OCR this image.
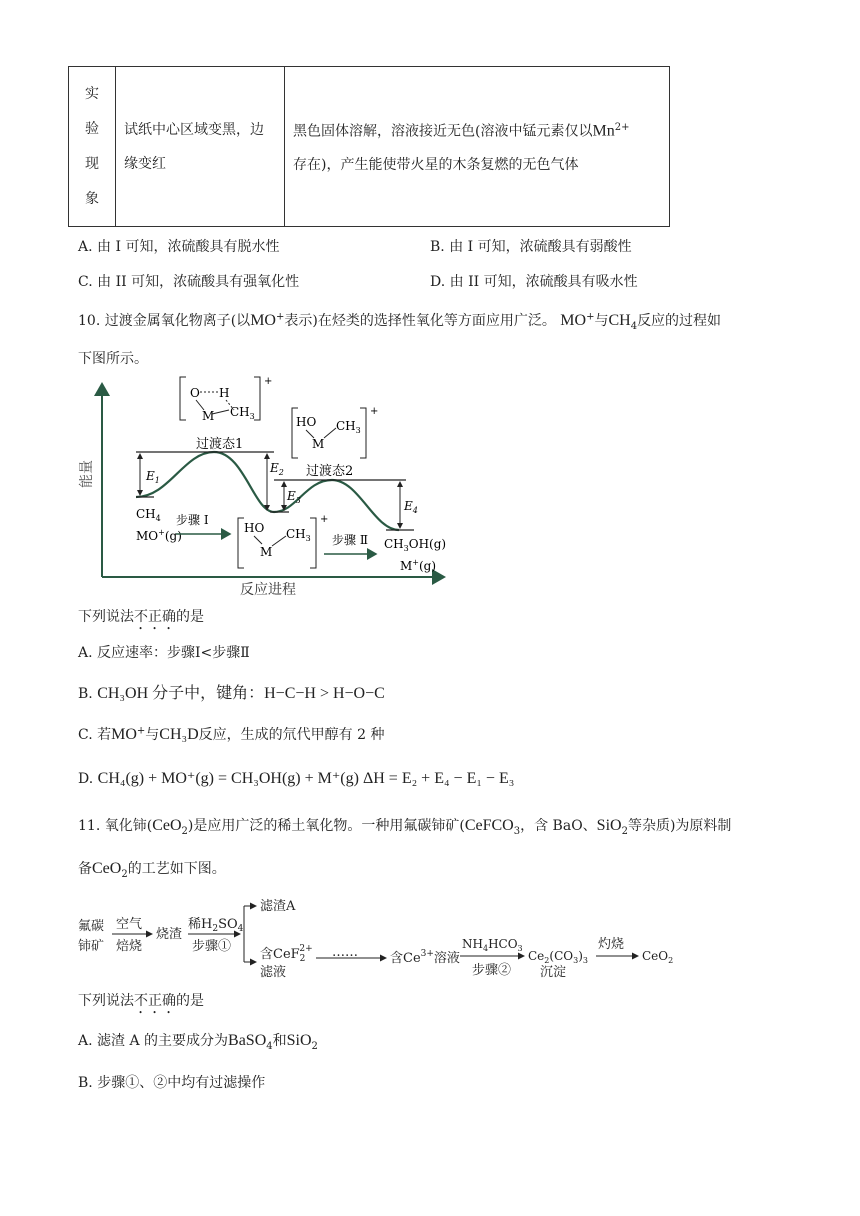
实
验
现
象

试纸中心区域变黑，边
缘变红

黑色固体溶解，溶液接近无色(溶液中锰元素仅以$Mn^{2+}$
存在)，产生能使带火星的木条复燃的无色气体
A. 由 I 可知，浓硫酸具有脱水性	B. 由 I 可知，浓硫酸具有弱酸性
C. 由 II 可知，浓硫酸具有强氧化性	D. 由 II 可知，浓硫酸具有吸水性
10. 过渡金属氧化物离子(以MO+表示)在烃类的选择性氧化等方面应用广泛。 MO+与$CH_4$反应的过程如
下图所示。
能量
反应进程
$E_1$
$E_2$
$E_3$	$E_4$
过渡态1
过渡态2
+
O H
M $CH_3$	+
HO
M
$CH_3$
+
HO
M
$CH_3$
$CH_4$
MO+(g)
步骤 Ⅰ
步骤 Ⅱ $CH_3OH(g)$
M+(g)
下列说法不正确的是
A. 反应速率：步骤Ⅰ<步骤Ⅱ
B. CH₃OH 分子中，键角：H−C−H > H−O−C
C. 若MO+与CH₃D反应，生成的氘代甲醇有 2 种
D. CH₄(g) + MO⁺(g) = CH₃OH(g) + M⁺(g) ΔH = E₂ + E₄ − E₁ − E₃
11. 氧化铈(CeO$_2$)是应用广泛的稀土氧化物。一种用氟碳铈矿(CeFCO$_3$，含 BaO、SiO$_2$等杂质)为原料制
备CeO$_2$的工艺如下图。
氟碳
铈矿
空气
焙烧
烧渣
稀$H_2SO_4$
步骤①
滤渣A
含CeF$_2$2+
滤液
…… 含$Ce^{3+}$溶液
$NH_4HCO_3$
步骤②
$Ce_2(CO_3)_3$
沉淀
灼烧
CeO$_2$
下列说法不正确的是
A. 滤渣 A 的主要成分为BaSO$_4$和SiO$_2$
B. 步骤①、②中均有过滤操作
